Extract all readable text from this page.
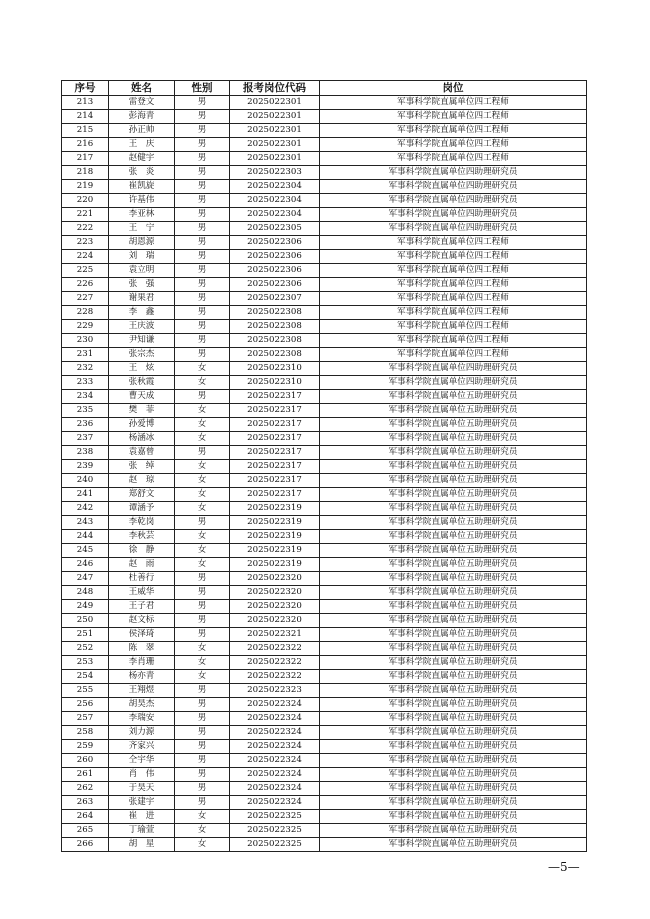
序号	姓名	性别	报考岗位代码	岗位
213	雷登文	男	2025022301	军事科学院直属单位四工程师
214	彭海青	男	2025022301	军事科学院直属单位四工程师
215	孙正帅	男	2025022301	军事科学院直属单位四工程师
216	王　庆	男	2025022301	军事科学院直属单位四工程师
217	赵健宇	男	2025022301	军事科学院直属单位四工程师
218	张　炎	男	2025022303	军事科学院直属单位四助理研究员
219	崔凯旋	男	2025022304	军事科学院直属单位四助理研究员
220	许基伟	男	2025022304	军事科学院直属单位四助理研究员
221	李亚林	男	2025022304	军事科学院直属单位四助理研究员
222	王　宁	男	2025022305	军事科学院直属单位四助理研究员
223	胡恩源	男	2025022306	军事科学院直属单位四工程师
224	刘　瑞	男	2025022306	军事科学院直属单位四工程师
225	袁立明	男	2025022306	军事科学院直属单位四工程师
226	张　强	男	2025022306	军事科学院直属单位四工程师
227	谢果君	男	2025022307	军事科学院直属单位四工程师
228	李　鑫	男	2025022308	军事科学院直属单位四工程师
229	王庆波	男	2025022308	军事科学院直属单位四工程师
230	尹知谦	男	2025022308	军事科学院直属单位四工程师
231	张宗杰	男	2025022308	军事科学院直属单位四工程师
232	王　炫	女	2025022310	军事科学院直属单位四助理研究员
233	张秋霞	女	2025022310	军事科学院直属单位四助理研究员
234	曹天成	男	2025022317	军事科学院直属单位五助理研究员
235	樊　菲	女	2025022317	军事科学院直属单位五助理研究员
236	孙爱博	女	2025022317	军事科学院直属单位五助理研究员
237	杨涵冰	女	2025022317	军事科学院直属单位五助理研究员
238	袁嘉曾	男	2025022317	军事科学院直属单位五助理研究员
239	张　绰	女	2025022317	军事科学院直属单位五助理研究员
240	赵　琼	女	2025022317	军事科学院直属单位五助理研究员
241	郑舒文	女	2025022317	军事科学院直属单位五助理研究员
242	谭涵予	女	2025022319	军事科学院直属单位五助理研究员
243	李乾岗	男	2025022319	军事科学院直属单位五助理研究员
244	李秋芸	女	2025022319	军事科学院直属单位五助理研究员
245	徐　静	女	2025022319	军事科学院直属单位五助理研究员
246	赵　雨	女	2025022319	军事科学院直属单位五助理研究员
247	杜善行	男	2025022320	军事科学院直属单位五助理研究员
248	王威华	男	2025022320	军事科学院直属单位五助理研究员
249	王子君	男	2025022320	军事科学院直属单位五助理研究员
250	赵文标	男	2025022320	军事科学院直属单位五助理研究员
251	侯泽琦	男	2025022321	军事科学院直属单位五助理研究员
252	陈　翠	女	2025022322	军事科学院直属单位五助理研究员
253	李肖珊	女	2025022322	军事科学院直属单位五助理研究员
254	杨亦青	女	2025022322	军事科学院直属单位五助理研究员
255	王翔煜	男	2025022323	军事科学院直属单位五助理研究员
256	胡昊杰	男	2025022324	军事科学院直属单位五助理研究员
257	李瑞安	男	2025022324	军事科学院直属单位五助理研究员
258	刘力源	男	2025022324	军事科学院直属单位五助理研究员
259	齐家兴	男	2025022324	军事科学院直属单位五助理研究员
260	仝宇华	男	2025022324	军事科学院直属单位五助理研究员
261	肖　伟	男	2025022324	军事科学院直属单位五助理研究员
262	于昊天	男	2025022324	军事科学院直属单位五助理研究员
263	张建宇	男	2025022324	军事科学院直属单位五助理研究员
264	崔　进	女	2025022325	军事科学院直属单位五助理研究员
265	丁瑜萱	女	2025022325	军事科学院直属单位五助理研究员
266	胡　星	女	2025022325	军事科学院直属单位五助理研究员
—5—
